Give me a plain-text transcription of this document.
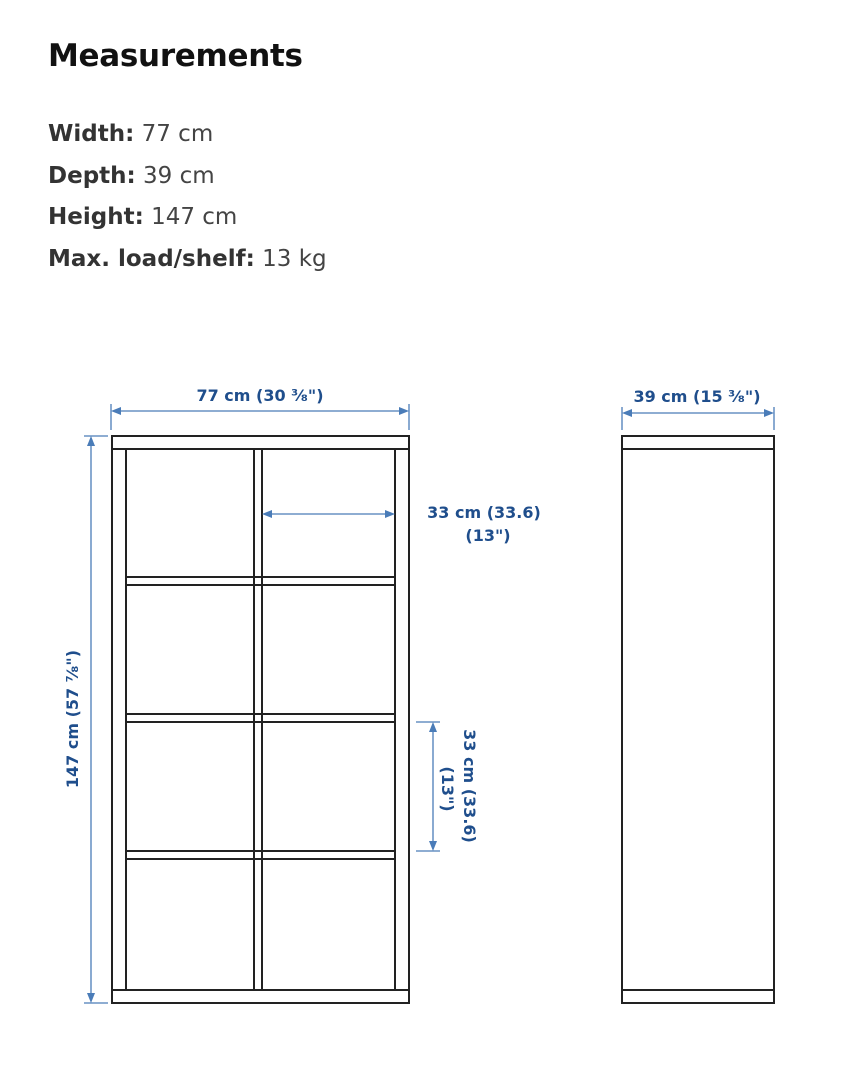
Measurements
Width: 77 cm
Depth: 39 cm
Height: 147 cm
Max. load/shelf: 13 kg
77 cm (30 ³⁄₈")	39 cm (15 ³⁄₈")
147 cm (57 ⁷⁄₈")
33 cm (33.6)
(13")
33 cm (33.6)
(13")
